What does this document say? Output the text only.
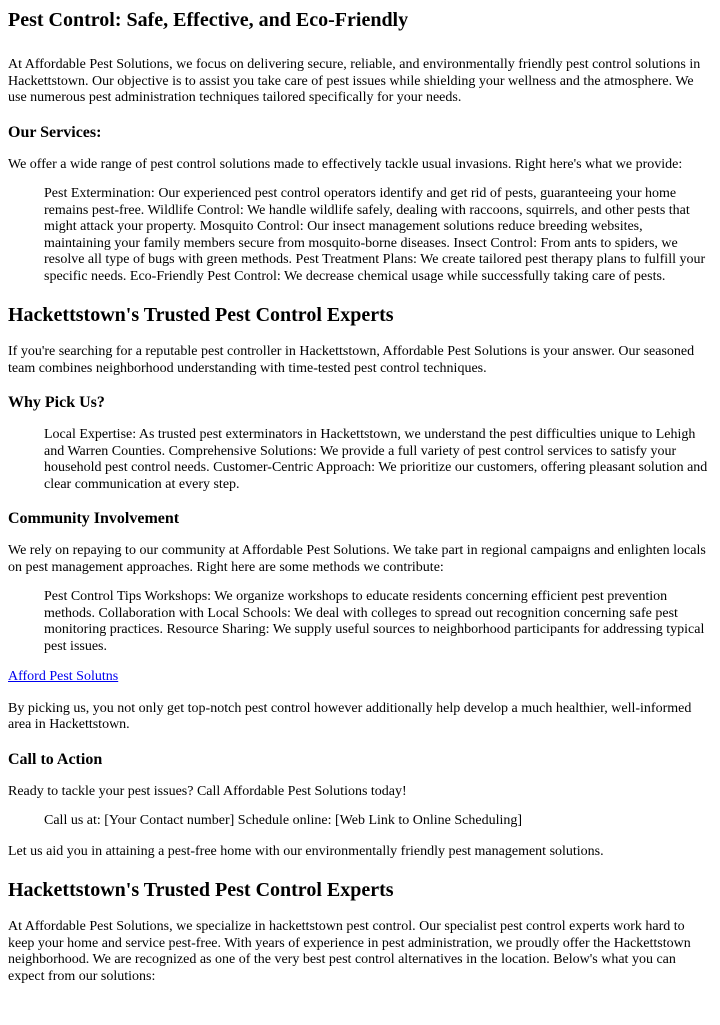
Pest Control: Safe, Effective, and Eco-Friendly

At Affordable Pest Solutions, we focus on delivering secure, reliable, and environmentally friendly pest control solutions in Hackettstown. Our objective is to assist you take care of pest issues while shielding your wellness and the atmosphere. We use numerous pest administration techniques tailored specifically for your needs.

Our Services:

We offer a wide range of pest control solutions made to effectively tackle usual invasions. Right here's what we provide:

Pest Extermination: Our experienced pest control operators identify and get rid of pests, guaranteeing your home remains pest-free. Wildlife Control: We handle wildlife safely, dealing with raccoons, squirrels, and other pests that might attack your property. Mosquito Control: Our insect management solutions reduce breeding websites, maintaining your family members secure from mosquito-borne diseases. Insect Control: From ants to spiders, we resolve all type of bugs with green methods. Pest Treatment Plans: We create tailored pest therapy plans to fulfill your specific needs. Eco-Friendly Pest Control: We decrease chemical usage while successfully taking care of pests.
Hackettstown's Trusted Pest Control Experts

If you're searching for a reputable pest controller in Hackettstown, Affordable Pest Solutions is your answer. Our seasoned team combines neighborhood understanding with time-tested pest control techniques.

Why Pick Us?
Local Expertise: As trusted pest exterminators in Hackettstown, we understand the pest difficulties unique to Lehigh and Warren Counties. Comprehensive Solutions: We provide a full variety of pest control services to satisfy your household pest control needs. Customer-Centric Approach: We prioritize our customers, offering pleasant solution and clear communication at every step.
Community Involvement

We rely on repaying to our community at Affordable Pest Solutions. We take part in regional campaigns and enlighten locals on pest management approaches. Right here are some methods we contribute:

Pest Control Tips Workshops: We organize workshops to educate residents concerning efficient pest prevention methods. Collaboration with Local Schools: We deal with colleges to spread out recognition concerning safe pest monitoring practices. Resource Sharing: We supply useful sources to neighborhood participants for addressing typical pest issues.

Afford Pest Solutns

By picking us, you not only get top-notch pest control however additionally help develop a much healthier, well-informed area in Hackettstown.

Call to Action

Ready to tackle your pest issues? Call Affordable Pest Solutions today!

Call us at: [Your Contact number] Schedule online: [Web Link to Online Scheduling]

Let us aid you in attaining a pest-free home with our environmentally friendly pest management solutions.

Hackettstown's Trusted Pest Control Experts

At Affordable Pest Solutions, we specialize in hackettstown pest control. Our specialist pest control experts work hard to keep your home and service pest-free. With years of experience in pest administration, we proudly offer the Hackettstown neighborhood. We are recognized as one of the very best pest control alternatives in the location. Below's what you can expect from our solutions:
